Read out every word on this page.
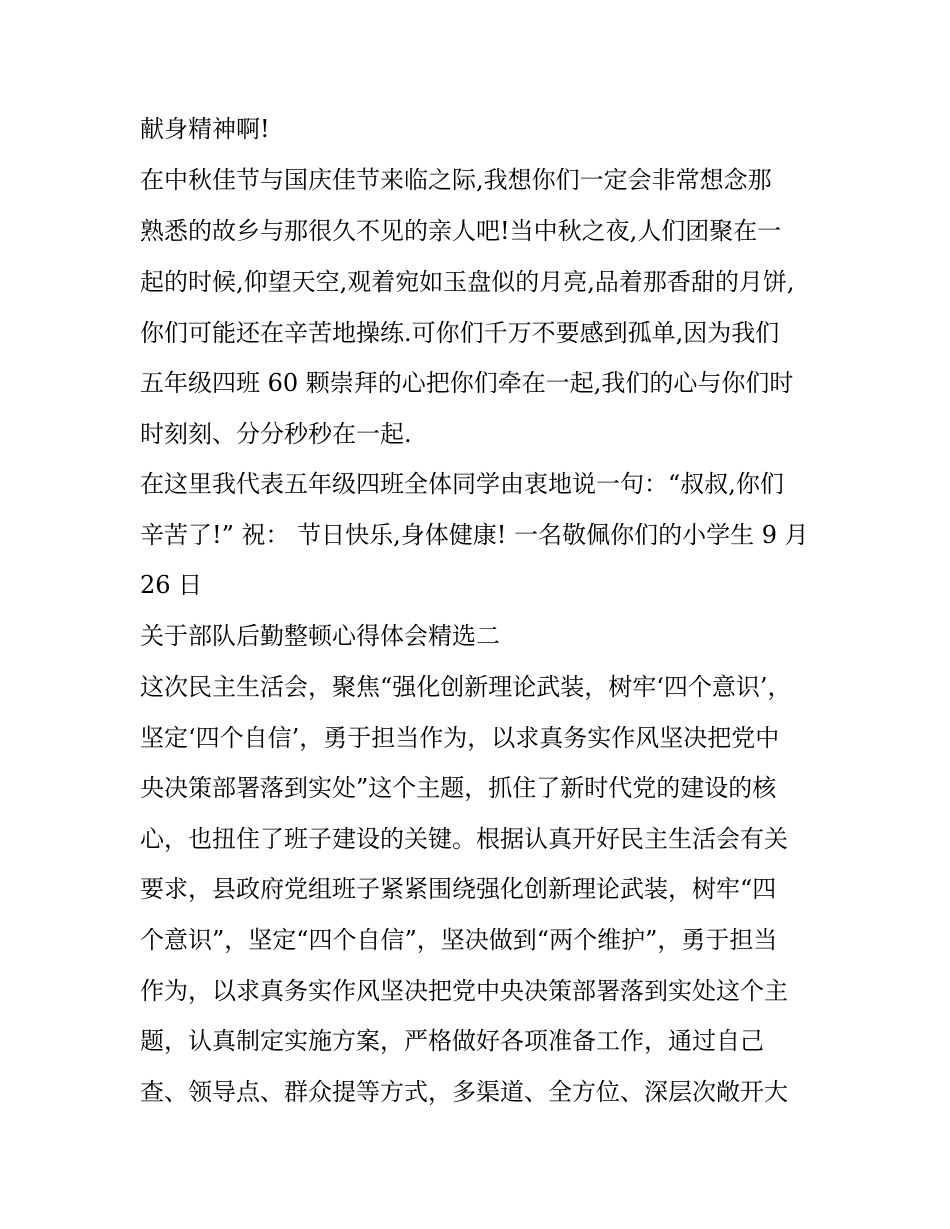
献身精神啊!

在中秋佳节与国庆佳节来临之际,我想你们一定会非常想念那

熟悉的故乡与那很久不见的亲人吧!当中秋之夜,人们团聚在一

起的时候,仰望天空,观着宛如玉盘似的月亮,品着那香甜的月饼,

你们可能还在辛苦地操练.可你们千万不要感到孤单,因为我们

五年级四班 60 颗崇拜的心把你们牵在一起,我们的心与你们时

时刻刻、分分秒秒在一起.

在这里我代表五年级四班全体同学由衷地说一句：“叔叔,你们

辛苦了!” 祝： 节日快乐,身体健康! 一名敬佩你们的小学生 9 月

26 日

关于部队后勤整顿心得体会精选二

这次民主生活会，聚焦“强化创新理论武装，树牢‘四个意识’，

坚定‘四个自信’，勇于担当作为，以求真务实作风坚决把党中

央决策部署落到实处”这个主题，抓住了新时代党的建设的核

心，也扭住了班子建设的关键。根据认真开好民主生活会有关

要求，县政府党组班子紧紧围绕强化创新理论武装，树牢“四

个意识”，坚定“四个自信”，坚决做到“两个维护”，勇于担当

作为，以求真务实作风坚决把党中央决策部署落到实处这个主

题，认真制定实施方案，严格做好各项准备工作，通过自己

查、领导点、群众提等方式，多渠道、全方位、深层次敞开大
